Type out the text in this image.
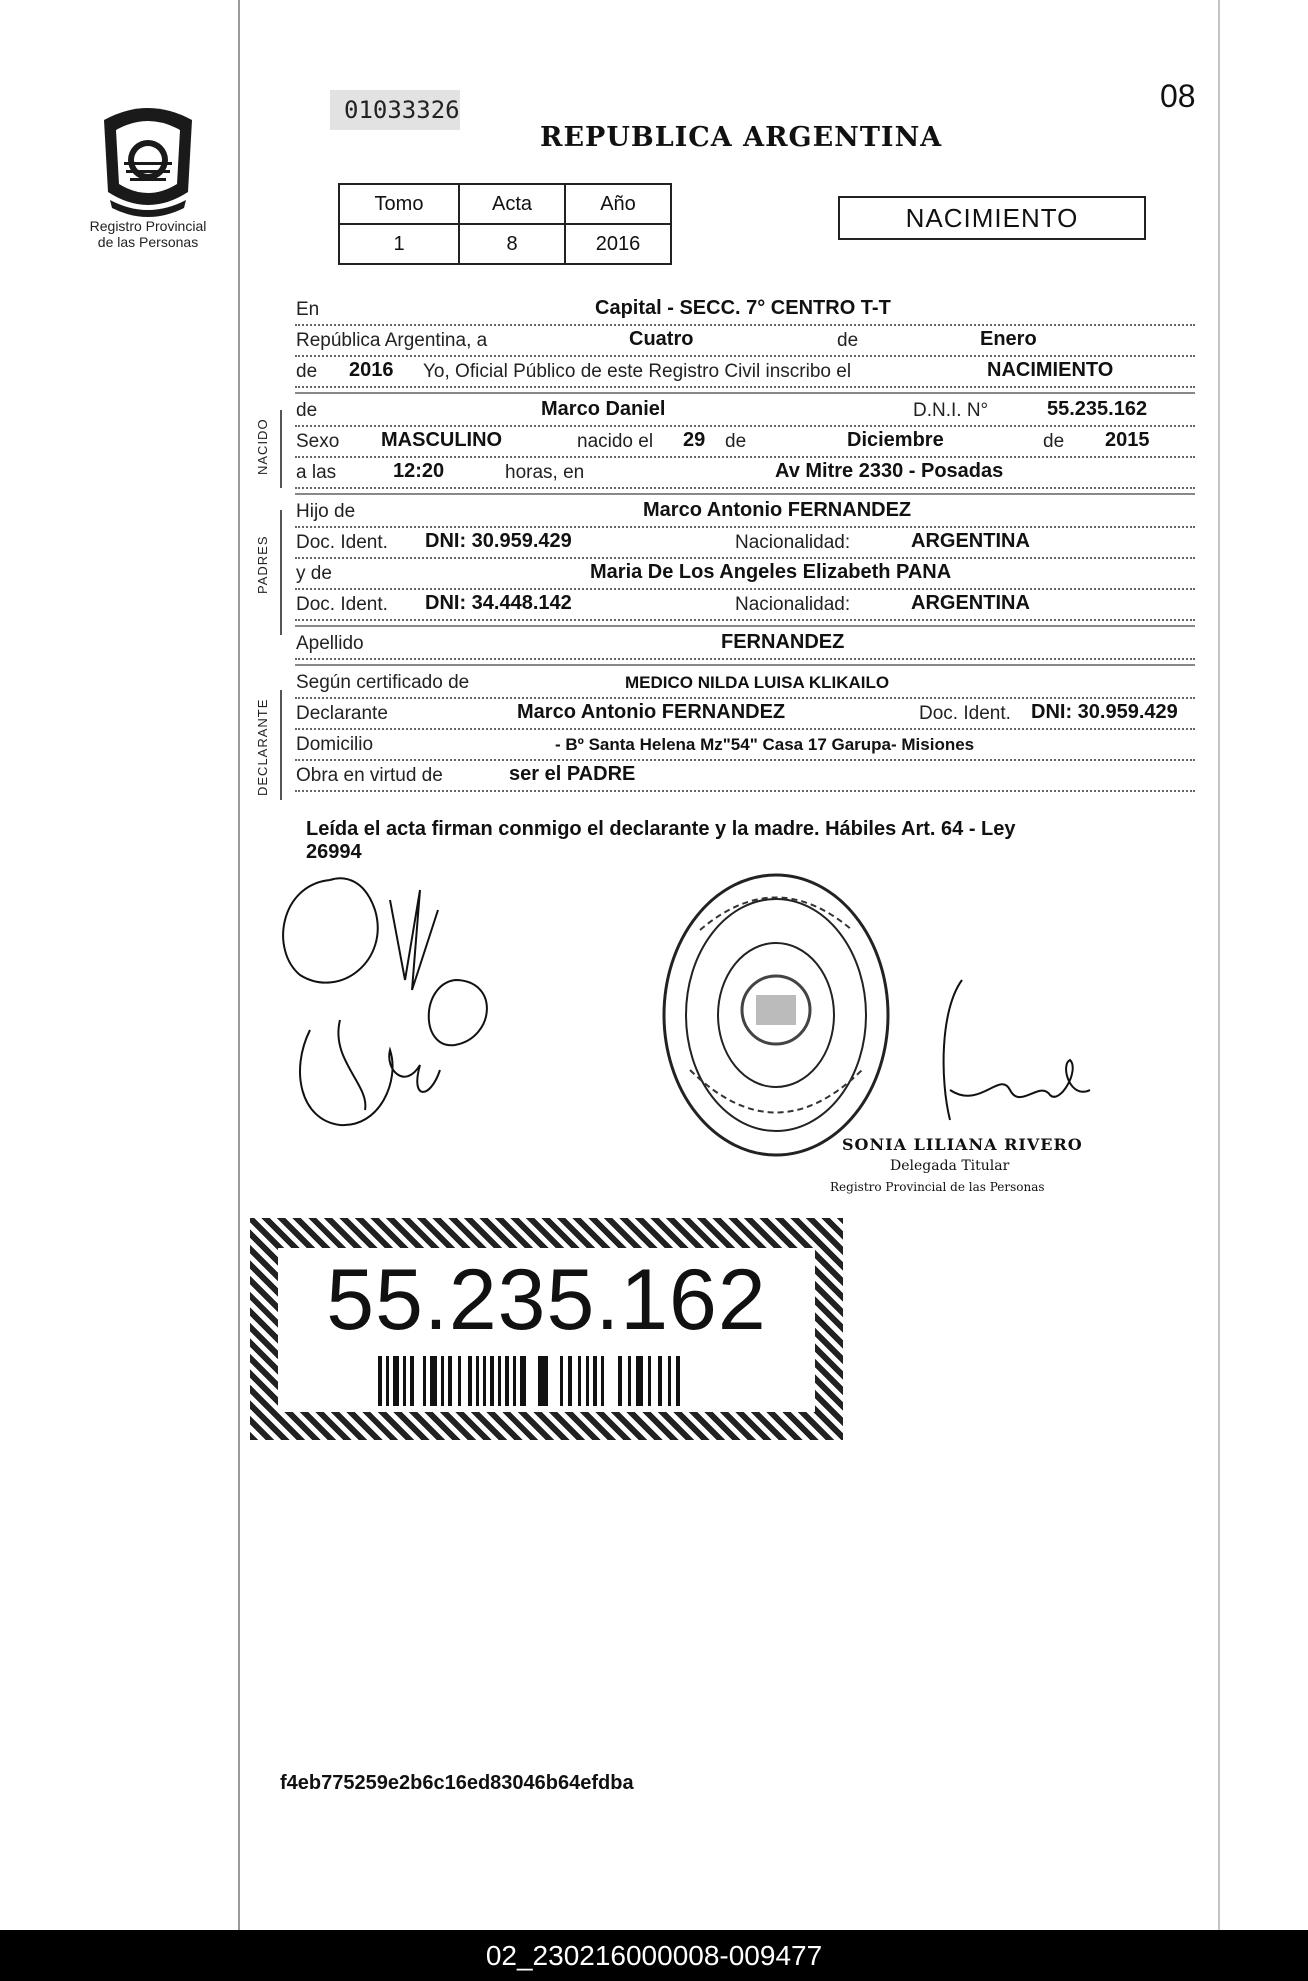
Registro Provincial
de las Personas
01033326
REPUBLICA ARGENTINA
08
Tomo	Acta	Año
1	8	2016
NACIMIENTO
NACIDO
PADRES
DECLARANTE
En	Capital - SECC. 7° CENTRO T-T
República Argentina, a	Cuatro	de	Enero
de 2016 Yo, Oficial Público de este Registro Civil inscribo el	NACIMIENTO
de	Marco Daniel	D.N.I. N°	55.235.162
Sexo MASCULINO	nacido el 29 de	Diciembre	de 2015
a las	12:20	horas, en	Av Mitre 2330 - Posadas
Hijo de	Marco Antonio FERNANDEZ
Doc. Ident. DNI: 30.959.429	Nacionalidad:	ARGENTINA
y de	Maria De Los Angeles Elizabeth PANA
Doc. Ident. DNI: 34.448.142	Nacionalidad:	ARGENTINA
Apellido	FERNANDEZ
Según certificado de	MEDICO NILDA LUISA KLIKAILO
Declarante	Marco Antonio FERNANDEZ	Doc. Ident. DNI: 30.959.429
Domicilio	- Bº Santa Helena Mz"54" Casa 17 Garupa- Misiones
Obra en virtud de	ser el PADRE
Leída el acta firman conmigo el declarante y la madre. Hábiles Art. 64 - Ley
26994
SONIA LILIANA RIVERO
Delegada Titular
Registro Provincial de las Personas
55.235.162
f4eb775259e2b6c16ed83046b64efdba
02_230216000008-009477
